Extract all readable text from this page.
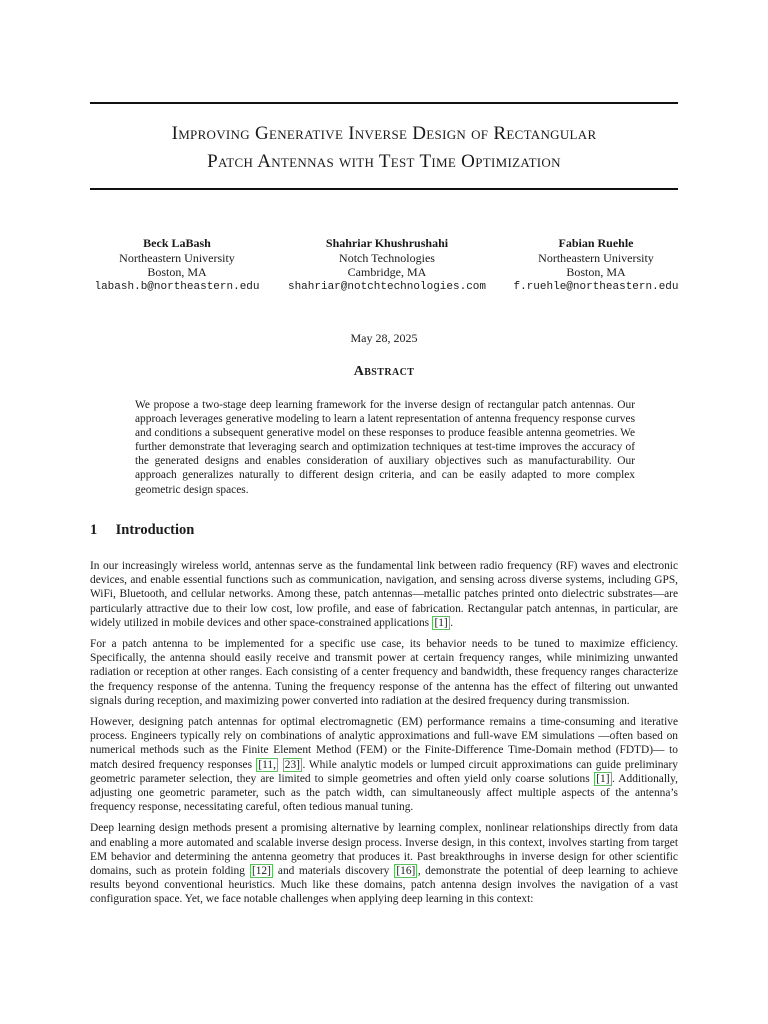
Improving Generative Inverse Design of Rectangular
Patch Antennas with Test Time Optimization
Beck LaBash
Northeastern University
Boston, MA
labash.b@northeastern.edu
Shahriar Khushrushahi
Notch Technologies
Cambridge, MA
shahriar@notchtechnologies.com
Fabian Ruehle
Northeastern University
Boston, MA
f.ruehle@northeastern.edu
May 28, 2025
Abstract
We propose a two-stage deep learning framework for the inverse design of rectangular patch antennas. Our approach leverages generative modeling to learn a latent representation of antenna frequency response curves and conditions a subsequent generative model on these responses to produce feasible antenna geometries. We further demonstrate that leveraging search and optimization techniques at test-time improves the accuracy of the generated designs and enables consideration of auxiliary objectives such as manufacturability. Our approach generalizes naturally to different design criteria, and can be easily adapted to more complex geometric design spaces.
1 Introduction

In our increasingly wireless world, antennas serve as the fundamental link between radio frequency (RF) waves and electronic devices, and enable essential functions such as communication, navigation, and sensing across diverse systems, including GPS, WiFi, Bluetooth, and cellular networks. Among these, patch antennas—metallic patches printed onto dielectric substrates—are particularly attractive due to their low cost, low profile, and ease of fabrication. Rectangular patch antennas, in particular, are widely utilized in mobile devices and other space-constrained applications [1] .

For a patch antenna to be implemented for a specific use case, its behavior needs to be tuned to maximize efficiency. Specifically, the antenna should easily receive and transmit power at certain frequency ranges, while minimizing unwanted radiation or reception at other ranges. Each consisting of a center frequency and bandwidth, these frequency ranges characterize the frequency response of the antenna. Tuning the frequency response of the antenna has the effect of filtering out unwanted signals during reception, and maximizing power converted into radiation at the desired frequency during transmission.

However, designing patch antennas for optimal electromagnetic (EM) performance remains a time-consuming and iterative process. Engineers typically rely on combinations of analytic approximations and full-wave EM simulations —often based on numerical methods such as the Finite Element Method (FEM) or the Finite-Difference Time-Domain method (FDTD)— to match desired frequency responses [11, 23] . While analytic models or lumped circuit approximations can guide preliminary geometric parameter selection, they are limited to simple geometries and often yield only coarse solutions [1] . Additionally, adjusting one geometric parameter, such as the patch width, can simultaneously affect multiple aspects of the antenna’s frequency response, necessitating careful, often tedious manual tuning.

Deep learning design methods present a promising alternative by learning complex, nonlinear relationships directly from data and enabling a more automated and scalable inverse design process. Inverse design, in this context, involves starting from target EM behavior and determining the antenna geometry that produces it. Past breakthroughs in inverse design for other scientific domains, such as protein folding [12] and materials discovery [16] , demonstrate the potential of deep learning to achieve results beyond conventional heuristics. Much like these domains, patch antenna design involves the navigation of a vast configuration space. Yet, we face notable challenges when applying deep learning in this context:
